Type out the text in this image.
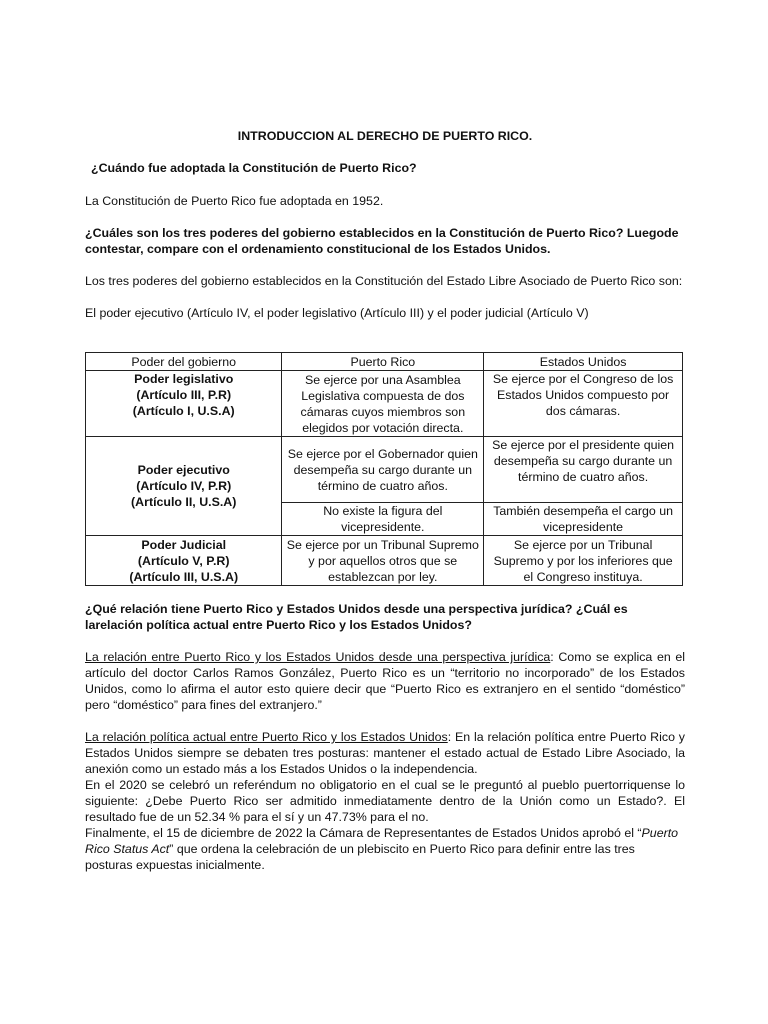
INTRODUCCION AL DERECHO DE PUERTO RICO.

¿Cuándo fue adoptada la Constitución de Puerto Rico?

La Constitución de Puerto Rico fue adoptada en 1952.

¿Cuáles son los tres poderes del gobierno establecidos en la Constitución de Puerto Rico? Luegode contestar, compare con el ordenamiento constitucional de los Estados Unidos.

Los tres poderes del gobierno establecidos en la Constitución del Estado Libre Asociado de Puerto Rico son:

El poder ejecutivo (Artículo IV, el poder legislativo (Artículo III) y el poder judicial (Artículo V)

Poder del gobierno	Puerto Rico	Estados Unidos
Poder legislativo
(Artículo III, P.R)
(Artículo I, U.S.A)	Se ejerce por una Asamblea Legislativa compuesta de dos cámaras cuyos miembros son elegidos por votación directa.	Se ejerce por el Congreso de los Estados Unidos compuesto por dos cámaras.
Poder ejecutivo
(Artículo IV, P.R)
(Artículo II, U.S.A)	Se ejerce por el Gobernador quien desempeña su cargo durante un término de cuatro años.	Se ejerce por el presidente quien desempeña su cargo durante un término de cuatro años.
	No existe la figura del vicepresidente.	También desempeña el cargo un vicepresidente
Poder Judicial
(Artículo V, P.R)
(Artículo III, U.S.A)	Se ejerce por un Tribunal Supremo y por aquellos otros que se establezcan por ley.	Se ejerce por un Tribunal Supremo y por los inferiores que el Congreso instituya.

¿Qué relación tiene Puerto Rico y Estados Unidos desde una perspectiva jurídica? ¿Cuál es larelación política actual entre Puerto Rico y los Estados Unidos?

La relación entre Puerto Rico y los Estados Unidos desde una perspectiva jurídica: Como se explica en el artículo del doctor Carlos Ramos González, Puerto Rico es un “territorio no incorporado” de los Estados Unidos, como lo afirma el autor esto quiere decir que “Puerto Rico es extranjero en el sentido “doméstico” pero “doméstico” para fines del extranjero.”

La relación política actual entre Puerto Rico y los Estados Unidos: En la relación política entre Puerto Rico y Estados Unidos siempre se debaten tres posturas: mantener el estado actual de Estado Libre Asociado, la anexión como un estado más a los Estados Unidos o la independencia.

En el 2020 se celebró un referéndum no obligatorio en el cual se le preguntó al pueblo puertorriquense lo siguiente: ¿Debe Puerto Rico ser admitido inmediatamente dentro de la Unión como un Estado?. El resultado fue de un 52.34 % para el sí y un 47.73% para el no.

Finalmente, el 15 de diciembre de 2022 la Cámara de Representantes de Estados Unidos aprobó el “Puerto Rico Status Act” que ordena la celebración de un plebiscito en Puerto Rico para definir entre las tres posturas expuestas inicialmente.
